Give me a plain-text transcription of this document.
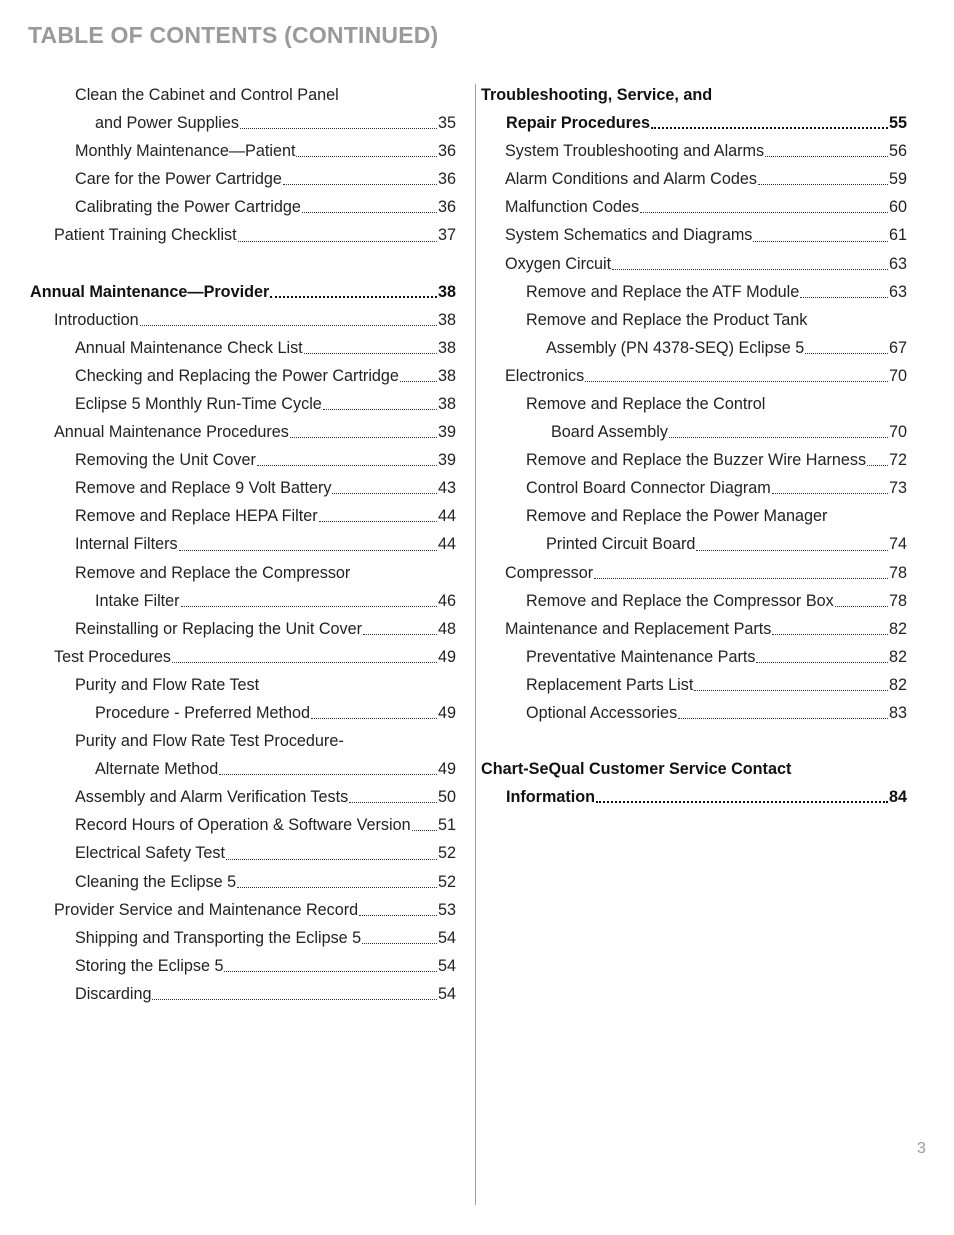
TABLE OF CONTENTS (CONTINUED)
Clean the Cabinet and Control Panel
and Power Supplies	35
Monthly Maintenance—Patient	36
Care for the Power Cartridge	36
Calibrating the Power Cartridge	36
Patient Training Checklist	37
Annual Maintenance—Provider	38
Introduction	38
Annual Maintenance Check List	38
Checking and Replacing the Power Cartridge 38
Eclipse 5 Monthly Run-Time Cycle	38
Annual Maintenance Procedures	39
Removing the Unit Cover	39
Remove and Replace 9 Volt Battery	43
Remove and Replace HEPA Filter	44
Internal Filters	44
Remove and Replace the Compressor
Intake Filter	46
Reinstalling or Replacing the Unit Cover	48
Test Procedures	49
Purity and Flow Rate Test
Procedure - Preferred Method	49
Purity and Flow Rate Test Procedure-
Alternate Method	49
Assembly and Alarm Verification Tests	50
Record Hours of Operation & Software Version 51
Electrical Safety Test	52
Cleaning the Eclipse 5	52
Provider Service and Maintenance Record	53
Shipping and Transporting the Eclipse 5	54
Storing the Eclipse 5	54
Discarding	54
Troubleshooting, Service, and
Repair Procedures	55
System Troubleshooting and Alarms	56
Alarm Conditions and Alarm Codes	59
Malfunction Codes	60
System Schematics and Diagrams	61
Oxygen Circuit	63
Remove and Replace the ATF Module	63
Remove and Replace the Product Tank
Assembly (PN 4378-SEQ) Eclipse 5	67
Electronics	70
Remove and Replace the Control
Board Assembly	70
Remove and Replace the Buzzer Wire Harness 72
Control Board Connector Diagram	73
Remove and Replace the Power Manager
Printed Circuit Board	74
Compressor	78
Remove and Replace the Compressor Box	78
Maintenance and Replacement Parts	82
Preventative Maintenance Parts	82
Replacement Parts List	82
Optional Accessories	83
Chart-SeQual Customer Service Contact
Information	84
3
